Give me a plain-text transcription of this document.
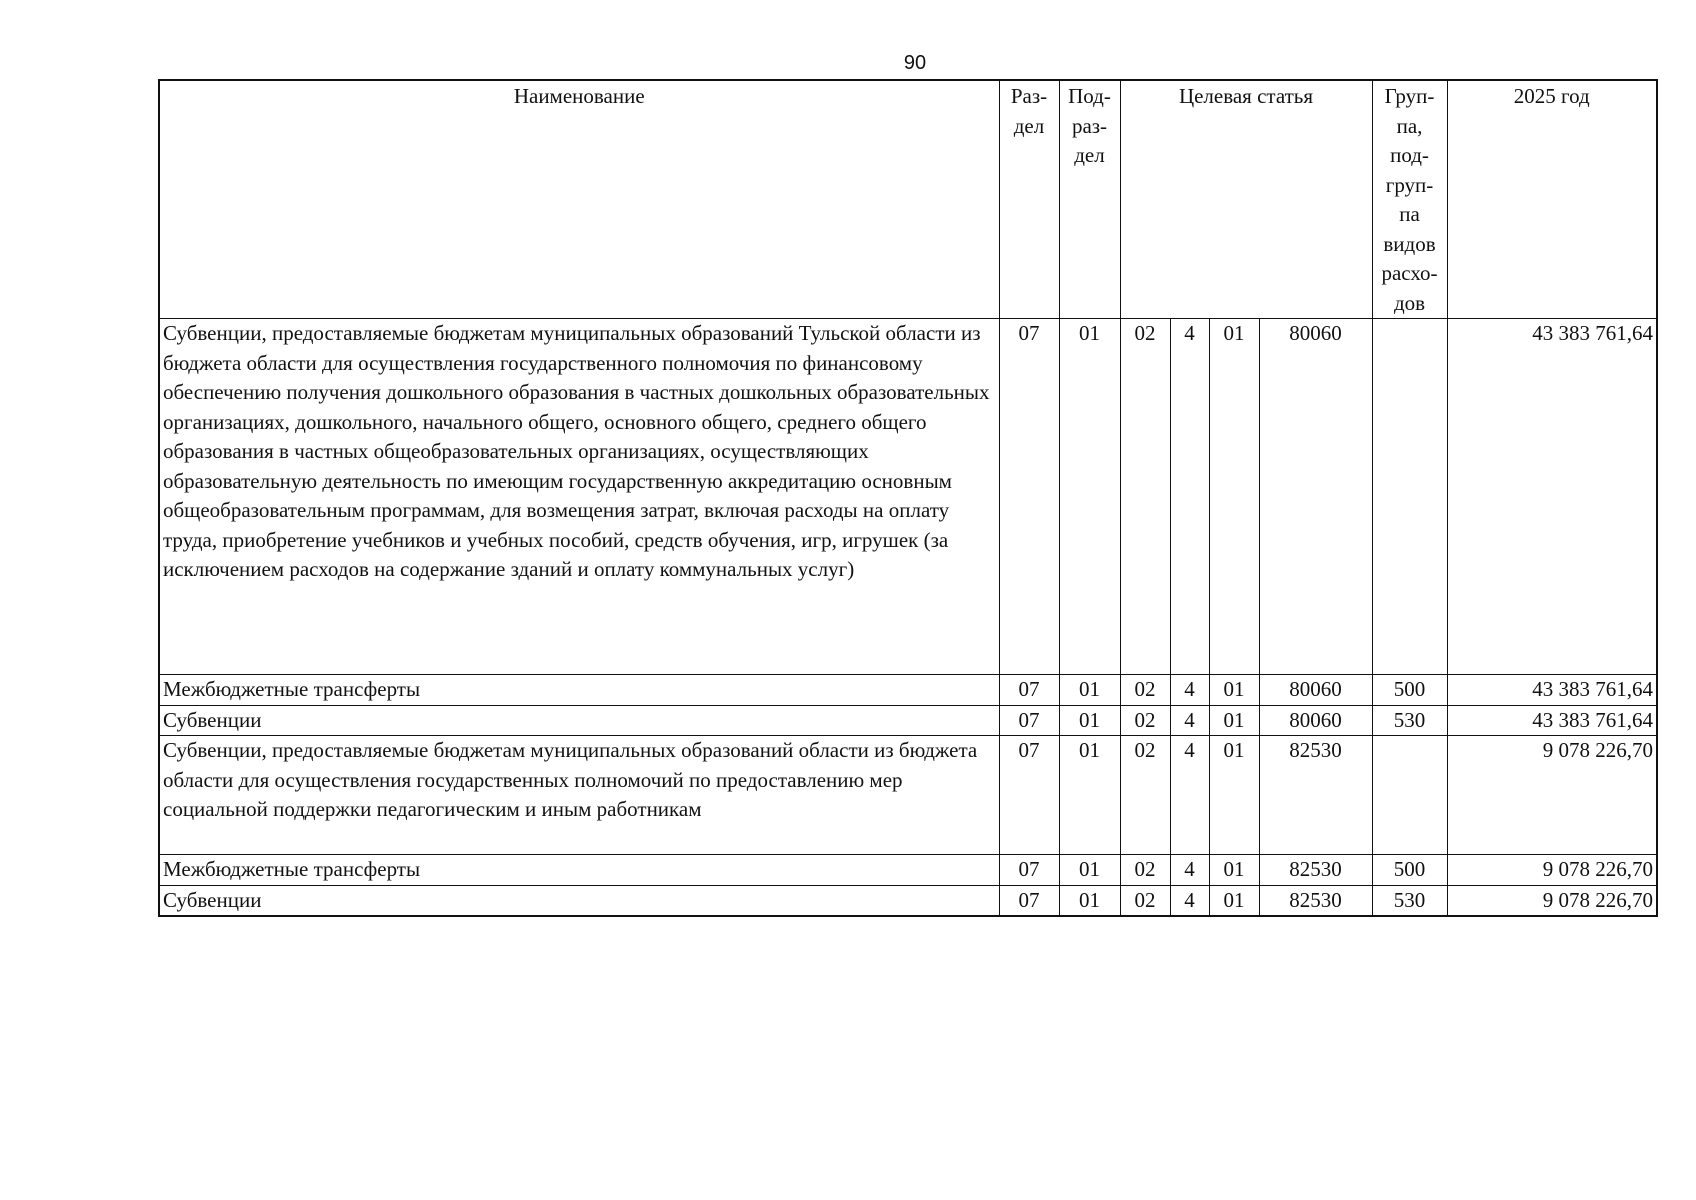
90
Наименование	Раз-дел	Под-раз-дел	Целевая статья				Груп-па, под-груп-па видов расхо-дов	2025 год
Субвенции, предоставляемые бюджетам муниципальных образований Тульской области из бюджета области для осуществления государственного полномочия по финансовому обеспечению получения дошкольного образования в частных дошкольных образовательных организациях, дошкольного, начального общего, основного общего, среднего общего образования в частных общеобразовательных организациях, осуществляющих образовательную деятельность по имеющим государственную аккредитацию основным общеобразовательным программам, для возмещения затрат, включая расходы на оплату труда, приобретение учебников и учебных пособий, средств обучения, игр, игрушек (за исключением расходов на содержание зданий и оплату коммунальных услуг)	07	01	02	4	01	80060		43 383 761,64
Межбюджетные трансферты	07	01	02	4	01	80060	500	43 383 761,64
Субвенции	07	01	02	4	01	80060	530	43 383 761,64
Субвенции, предоставляемые бюджетам муниципальных образований области из бюджета области для осуществления государственных полномочий по предоставлению мер социальной поддержки педагогическим и иным работникам	07	01	02	4	01	82530		9 078 226,70
Межбюджетные трансферты	07	01	02	4	01	82530	500	9 078 226,70
Субвенции	07	01	02	4	01	82530	530	9 078 226,70
